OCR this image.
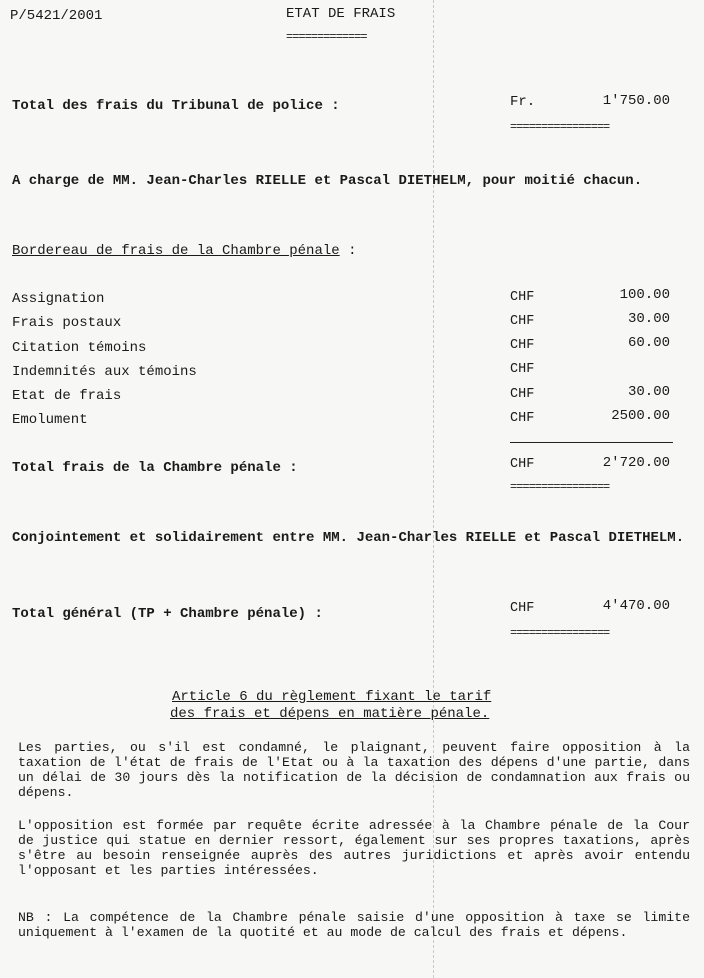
P/5421/2001	ETAT DE FRAIS
=============
Total des frais du Tribunal de police :	Fr.	1'750.00
================
A charge de MM. Jean-Charles RIELLE et Pascal DIETHELM, pour moitié chacun.
Bordereau de frais de la Chambre pénale :
Assignation	CHF	100.00
Frais postaux	CHF	30.00
Citation témoins	CHF	60.00
Indemnités aux témoins	CHF
Etat de frais	CHF	30.00
Emolument	CHF	2500.00
Total frais de la Chambre pénale :	CHF	2'720.00
================
Conjointement et solidairement entre MM. Jean-Charles RIELLE et Pascal DIETHELM.
Total général (TP + Chambre pénale) :	CHF	4'470.00
================
Article 6 du règlement fixant le tarif
des frais et dépens en matière pénale.
Les parties, ou s'il est condamné, le plaignant, peuvent faire opposition à la taxation de l'état de frais de l'Etat ou à la taxation des dépens d'une partie, dans un délai de 30 jours dès la notification de la décision de condamnation aux frais ou dépens.
L'opposition est formée par requête écrite adressée à la Chambre pénale de la Cour de justice qui statue en dernier ressort, également sur ses propres taxations, après s'être au besoin renseignée auprès des autres juridictions et après avoir entendu l'opposant et les parties intéressées.
NB : La compétence de la Chambre pénale saisie d'une opposition à taxe se limite uniquement à l'examen de la quotité et au mode de calcul des frais et dépens.
